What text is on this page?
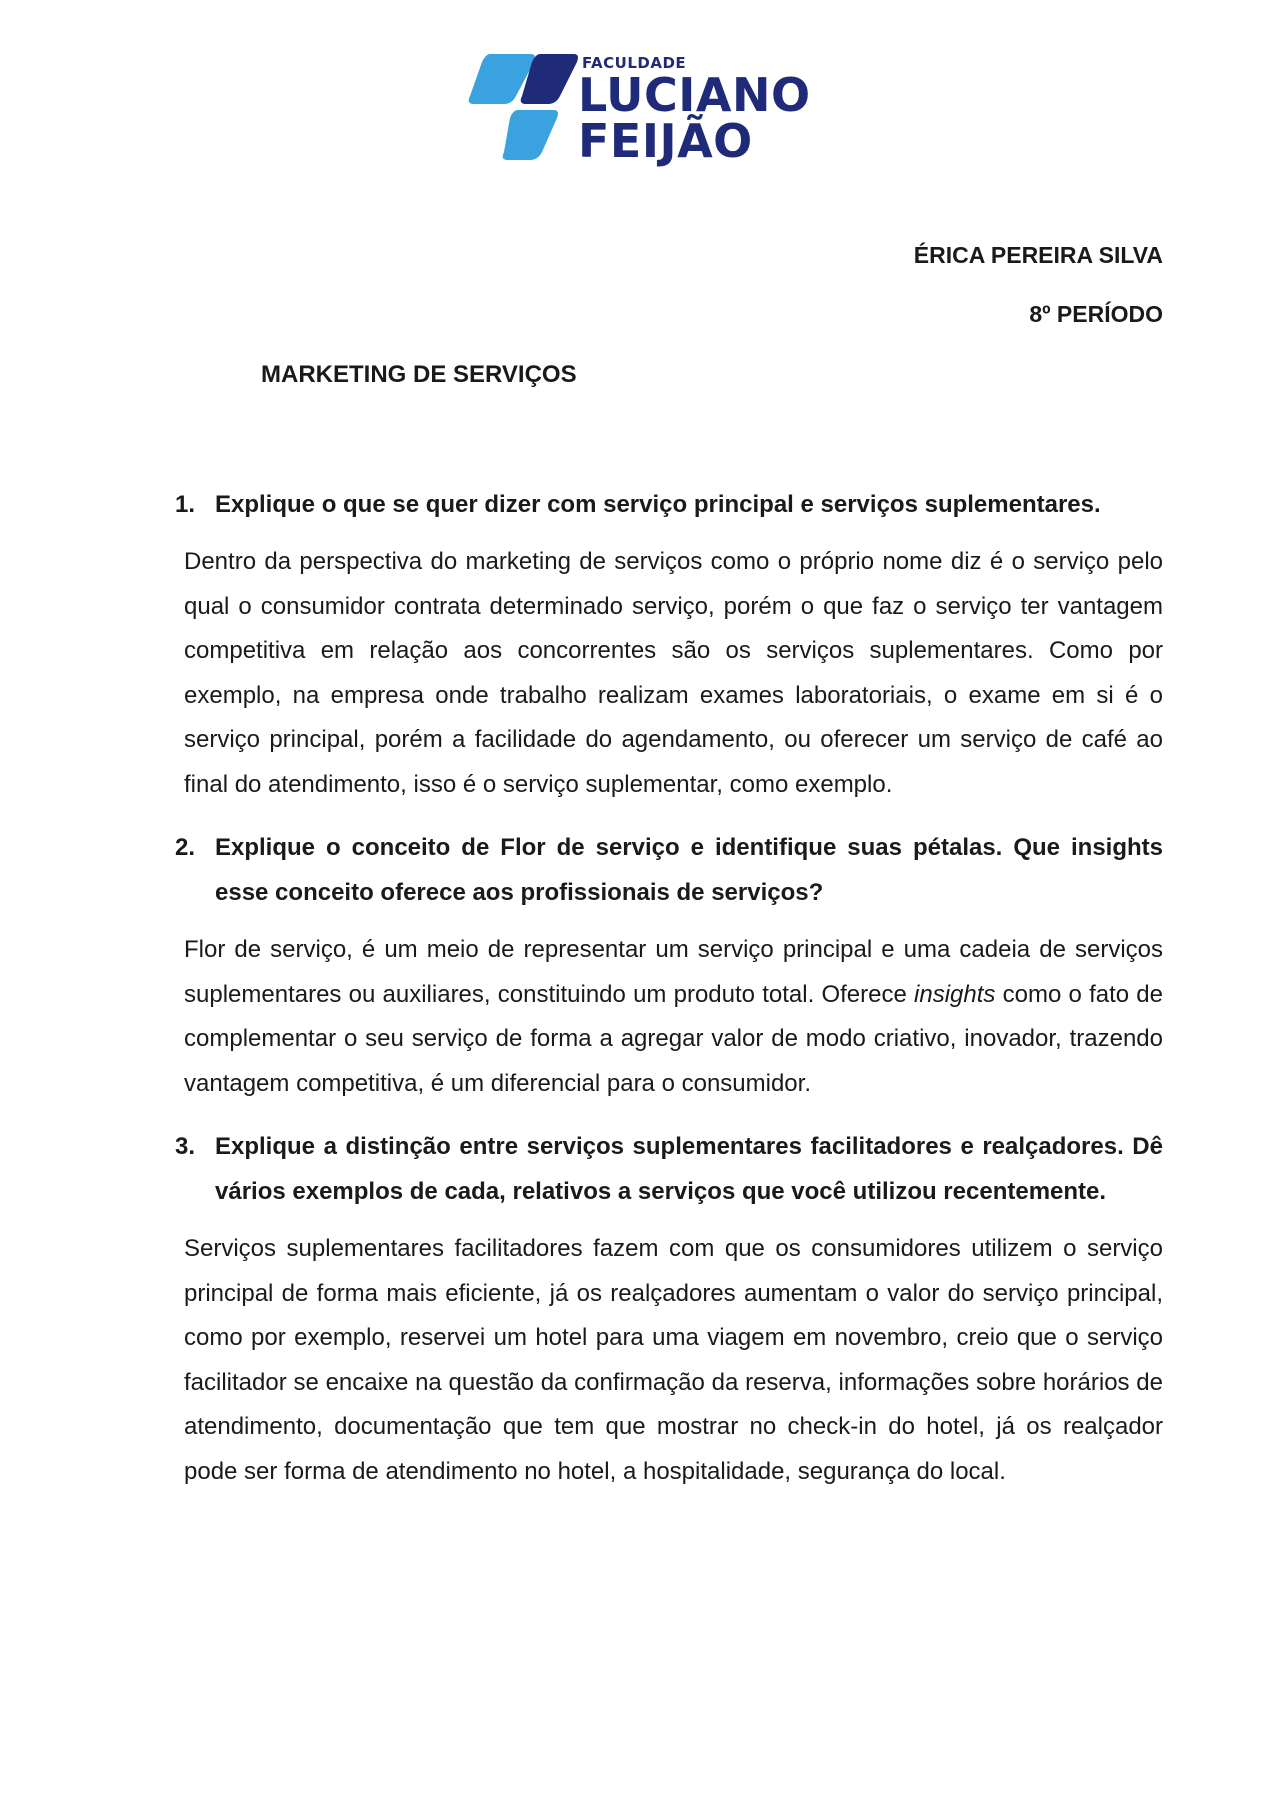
FACULDADE
LUCIANO
FEIJÃO
ÉRICA PEREIRA SILVA
8º PERÍODO
MARKETING DE SERVIÇOS
1. Explique o que se quer dizer com serviço principal e serviços suplementares.

Dentro da perspectiva do marketing de serviços como o próprio nome diz é o serviço pelo qual o consumidor contrata determinado serviço, porém o que faz o serviço ter vantagem competitiva em relação aos concorrentes são os serviços suplementares. Como por exemplo, na empresa onde trabalho realizam exames laboratoriais, o exame em si é o serviço principal, porém a facilidade do agendamento, ou oferecer um serviço de café ao final do atendimento, isso é o serviço suplementar, como exemplo.

2. Explique o conceito de Flor de serviço e identifique suas pétalas. Que insights esse conceito oferece aos profissionais de serviços?

Flor de serviço, é um meio de representar um serviço principal e uma cadeia de serviços suplementares ou auxiliares, constituindo um produto total. Oferece insights como o fato de complementar o seu serviço de forma a agregar valor de modo criativo, inovador, trazendo vantagem competitiva, é um diferencial para o consumidor.

3. Explique a distinção entre serviços suplementares facilitadores e realçadores. Dê vários exemplos de cada, relativos a serviços que você utilizou recentemente.

Serviços suplementares facilitadores fazem com que os consumidores utilizem o serviço principal de forma mais eficiente, já os realçadores aumentam o valor do serviço principal, como por exemplo, reservei um hotel para uma viagem em novembro, creio que o serviço facilitador se encaixe na questão da confirmação da reserva, informações sobre horários de atendimento, documentação que tem que mostrar no check-in do hotel, já os realçador pode ser forma de atendimento no hotel, a hospitalidade, segurança do local.
